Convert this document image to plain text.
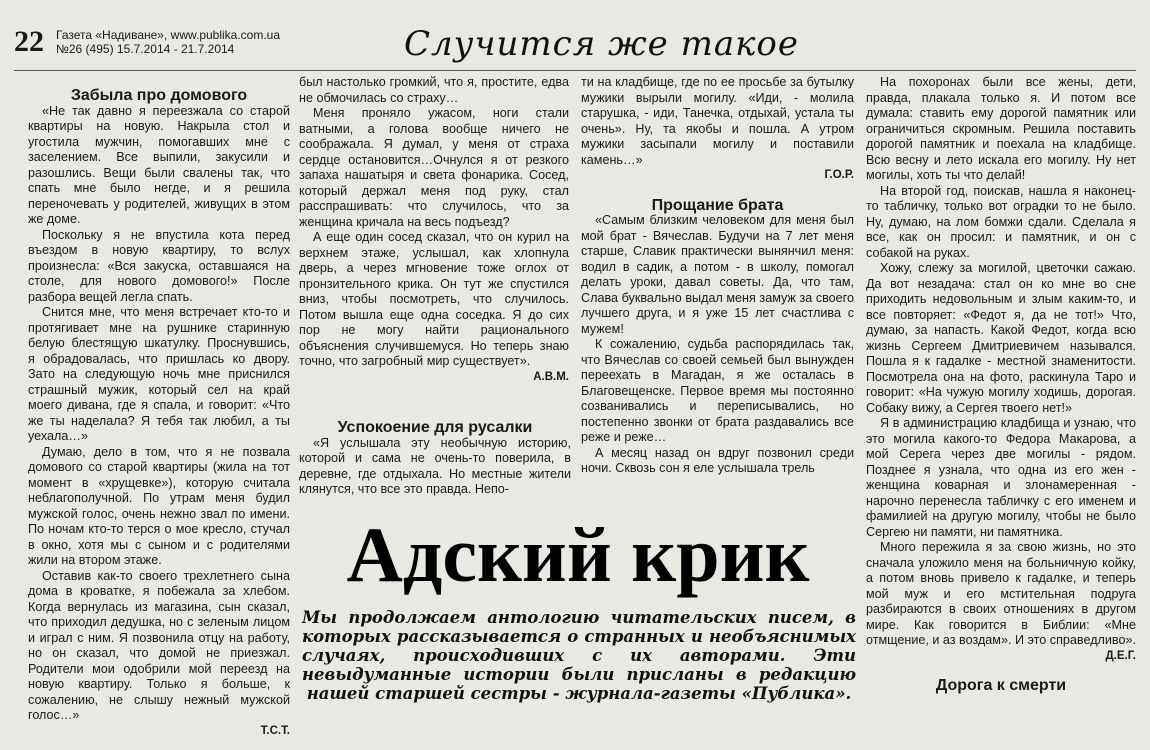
22 Газета «Надиване», www.publika.com.ua
№26 (495) 15.7.2014 - 21.7.2014	Случится же такое

Забыла про домового

«Не так давно я переезжала со старой квартиры на новую. Накрыла стол и угостила мужчин, помогавших мне с заселением. Все выпили, закусили и разошлись. Вещи были свалены так, что спать мне было негде, и я решила переночевать у родителей, живущих в этом же доме.

Поскольку я не впустила кота перед въездом в новую квартиру, то вслух произнесла: «Вся закуска, оставшаяся на столе, для нового домового!» После разбора вещей легла спать.

Снится мне, что меня встречает кто-то и протягивает мне на рушнике старинную белую блестящую шкатулку. Проснувшись, я обрадовалась, что пришлась ко двору. Зато на следующую ночь мне приснился страшный мужик, который сел на край моего дивана, где я спала, и говорит: «Что же ты наделала? Я тебя так любил, а ты уехала…»

Думаю, дело в том, что я не позвала домового со старой квартиры (жила на тот момент в «хрущевке»), которую считала неблагополучной. По утрам меня будил мужской голос, очень нежно звал по имени. По ночам кто-то терся о мое кресло, стучал в окно, хотя мы с сыном и с родителями жили на втором этаже.

Оставив как-то своего трехлетнего сына дома в кроватке, я побежала за хлебом. Когда вернулась из магазина, сын сказал, что приходил дедушка, но с зеленым лицом и играл с ним. Я позвонила отцу на работу, но он сказал, что домой не приезжал. Родители мои одобрили мой переезд на новую квартиру. Только я больше, к сожалению, не слышу нежный мужской голос…»

Т.С.Т.

был настолько громкий, что я, простите, едва не обмочилась со страху…

Меня проняло ужасом, ноги стали ватными, а голова вообще ничего не соображала. Я думал, у меня от страха сердце остановится…Очнулся я от резкого запаха нашатыря и света фонарика. Сосед, который держал меня под руку, стал расспрашивать: что случилось, что за женщина кричала на весь подъезд?

А еще один сосед сказал, что он курил на верхнем этаже, услышал, как хлопнула дверь, а через мгновение тоже оглох от пронзительного крика. Он тут же спустился вниз, чтобы посмотреть, что случилось. Потом вышла еще одна соседка. Я до сих пор не могу найти рационального объяснения случившемуся. Но теперь знаю точно, что загробный мир существует».

А.В.М.

Успокоение для русалки

«Я услышала эту необычную историю, которой и сама не очень-то поверила, в деревне, где отдыхала. Но местные жители клянутся, что все это правда. Непо-

ти на кладбище, где по ее просьбе за бутылку мужики вырыли могилу. «Иди, - молила старушка, - иди, Танечка, отдыхай, устала ты очень». Ну, та якобы и пошла. А утром мужики засыпали могилу и поставили камень…»

Г.О.Р.

Прощание брата

«Самым близким человеком для меня был мой брат - Вячеслав. Будучи на 7 лет меня старше, Славик практически вынянчил меня: водил в садик, а потом - в школу, помогал делать уроки, давал советы. Да, что там, Слава буквально выдал меня замуж за своего лучшего друга, и я уже 15 лет счастлива с мужем!

К сожалению, судьба распорядилась так, что Вячеслав со своей семьей был вынужден переехать в Магадан, я же осталась в Благовещенске. Первое время мы постоянно созванивались и переписывались, но постепенно звонки от брата раздавались все реже и реже…

А месяц назад он вдруг позвонил среди ночи. Сквозь сон я еле услышала трель

На похоронах были все жены, дети, правда, плакала только я. И потом все думала: ставить ему дорогой памятник или ограничиться скромным. Решила поставить дорогой памятник и поехала на кладбище. Всю весну и лето искала его могилу. Ну нет могилы, хоть ты что делай!

На второй год, поискав, нашла я наконец-то табличку, только вот оградки то не было. Ну, думаю, на лом бомжи сдали. Сделала я все, как он просил: и памятник, и он с собакой на руках.

Хожу, слежу за могилой, цветочки сажаю. Да вот незадача: стал он ко мне во сне приходить недовольным и злым каким-то, и все повторяет: «Федот я, да не тот!» Что, думаю, за напасть. Какой Федот, когда всю жизнь Сергеем Дмитриевичем назывался. Пошла я к гадалке - местной знаменитости. Посмотрела она на фото, раскинула Таро и говорит: «На чужую могилу ходишь, дорогая. Собаку вижу, а Сергея твоего нет!»

Я в администрацию кладбища и узнаю, что это могила какого-то Федора Макарова, а мой Серега через две могилы - рядом. Позднее я узнала, что одна из его жен - женщина коварная и злонамеренная - нарочно перенесла табличку с его именем и фамилией на другую могилу, чтобы не было Сергею ни памяти, ни памятника.

Много пережила я за свою жизнь, но это сначала уложило меня на больничную койку, а потом вновь привело к гадалке, и теперь мой муж и его мстительная подруга разбираются в своих отношениях в другом мире. Как говорится в Библии: «Мне отмщение, и аз воздам». И это справедливо».

Д.Е.Г.

Дорога к смерти

Адский крик
Мы продолжаем антологию читательских писем, в которых рассказывается о странных и необъяснимых случаях, происходивших с их авторами. Эти невыдуманные истории были присланы в редакцию нашей старшей сестры - журнала-газеты «Публика».
